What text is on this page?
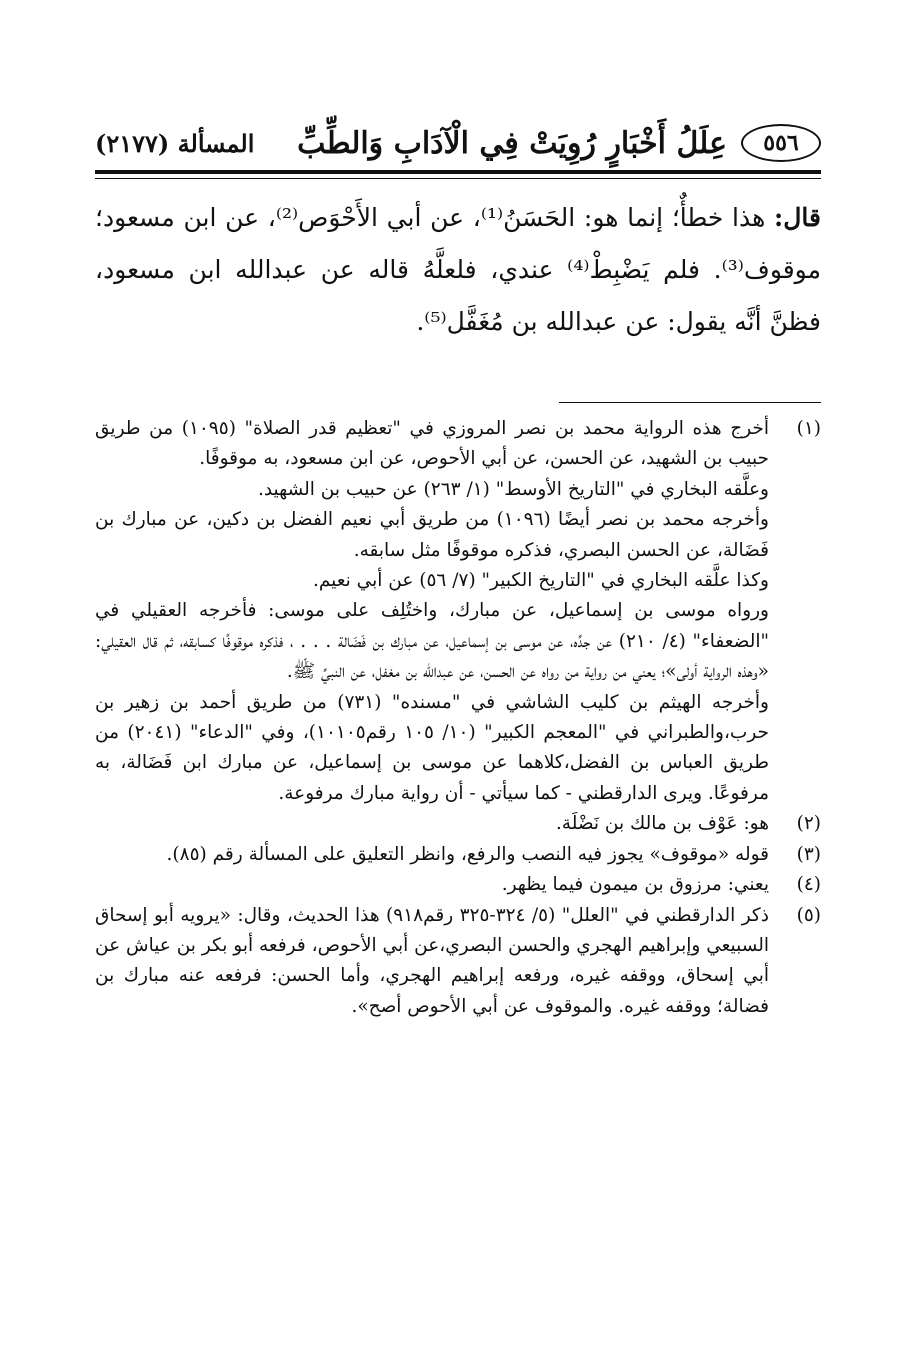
٥٥٦
عِلَلُ أَخْبَارٍ رُوِيَتْ فِي الْآدَابِ وَالطِّبِّ
المسألة (٢١٧٧)

قال: هذا خطأٌ؛ إنما هو: الحَسَنُ⁽¹⁾، عن أبي الأَحْوَص⁽²⁾، عن ابن مسعود؛ موقوف⁽³⁾. فلم يَضْبِطْ⁽⁴⁾ عندي، فلعلَّهُ قاله عن عبدالله ابن مسعود، فظنَّ أنَّه يقول: عن عبدالله بن مُغَفَّل⁽⁵⁾.

(١)

أخرج هذه الرواية محمد بن نصر المروزي في "تعظيم قدر الصلاة" (١٠٩٥) من طريق حبيب بن الشهيد، عن الحسن، عن أبي الأحوص، عن ابن مسعود، به موقوفًا.

وعلَّقه البخاري في "التاريخ الأوسط" (١/ ٢٦٣) عن حبيب بن الشهيد.

وأخرجه محمد بن نصر أيضًا (١٠٩٦) من طريق أبي نعيم الفضل بن دكين، عن مبارك بن فَضَالة، عن الحسن البصري، فذكره موقوفًا مثل سابقه.

وكذا علَّقه البخاري في "التاريخ الكبير" (٧/ ٥٦) عن أبي نعيم.

ورواه موسى بن إسماعيل، عن مبارك، واختُلِف على موسى: فأخرجه العقيلي في "الضعفاء" (٤/ ٢١٠) عن جدِّه، عن موسى بن إسماعيل، عن مبارك بن فَضَالة . . . ، فذكره موقوفًا كسابقه، ثم قال العقيلي: «وهذه الرواية أولى»؛ يعني من رواية من رواه عن الحسن، عن عبدالله بن مغفل، عن النبيِّ ﷺ.

وأخرجه الهيثم بن كليب الشاشي في "مسنده" (٧٣١) من طريق أحمد بن زهير بن حرب،والطبراني في "المعجم الكبير" (١٠/ ١٠٥ رقم١٠١٠٥)، وفي "الدعاء" (٢٠٤١) من طريق العباس بن الفضل،كلاهما عن موسى بن إسماعيل، عن مبارك ابن فَضَالة، به مرفوعًا. ويرى الدارقطني - كما سيأتي - أن رواية مبارك مرفوعة.

(٢)

هو: عَوْف بن مالك بن نَضْلَة.

(٣)

قوله «موقوف» يجوز فيه النصب والرفع، وانظر التعليق على المسألة رقم (٨٥).

(٤)

يعني: مرزوق بن ميمون فيما يظهر.

(٥)

ذكر الدارقطني في "العلل" (٥/ ٣٢٤-٣٢٥ رقم٩١٨) هذا الحديث، وقال: «يرويه أبو إسحاق السبيعي وإبراهيم الهجري والحسن البصري،عن أبي الأحوص، فرفعه أبو بكر بن عياش عن أبي إسحاق، ووقفه غيره، ورفعه إبراهيم الهجري، وأما الحسن: فرفعه عنه مبارك بن فضالة؛ ووقفه غيره. والموقوف عن أبي الأحوص أصح».
